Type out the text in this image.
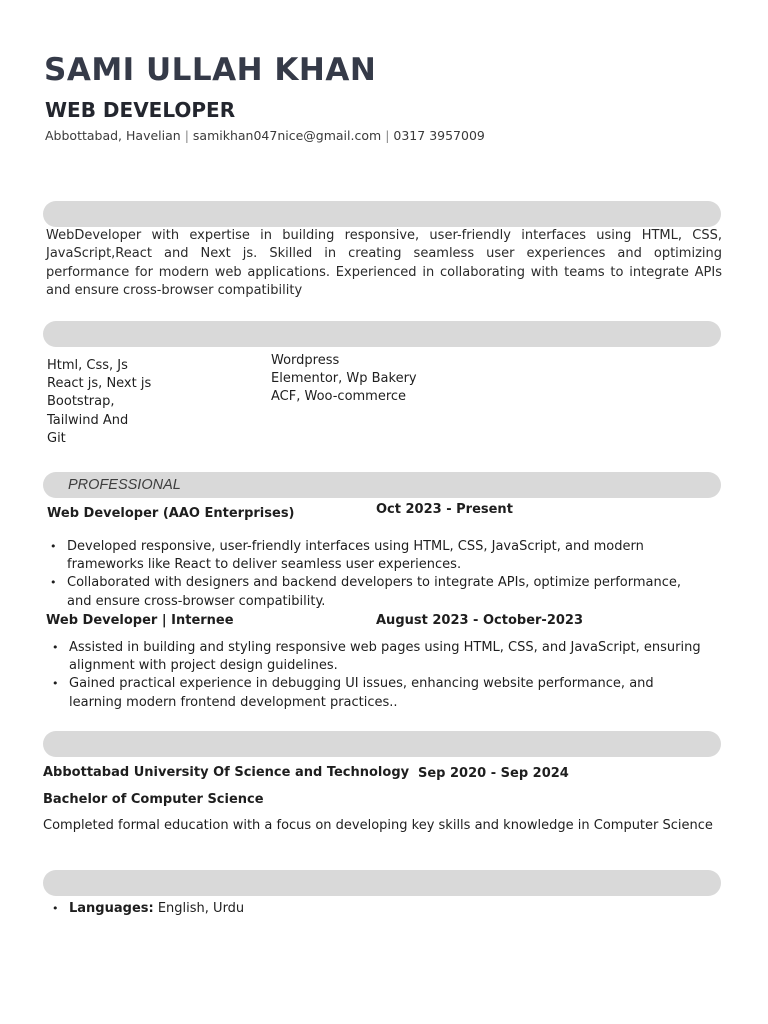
SAMI ULLAH KHAN
WEB DEVELOPER
Abbottabad, Havelian | samikhan047nice@gmail.com | 0317 3957009
WebDeveloper with expertise in building responsive, user-friendly interfaces using HTML, CSS, JavaScript,React and Next js. Skilled in creating seamless user experiences and optimizing performance for modern web applications. Experienced in collaborating with teams to integrate APIs and ensure cross-browser compatibility
Html, Css, Js
React js, Next js
Bootstrap,
Tailwind And
Git
Wordpress
Elementor, Wp Bakery
ACF, Woo-commerce
PROFESSIONAL
Web Developer (AAO Enterprises)	Oct 2023 - Present
• Developed responsive, user-friendly interfaces using HTML, CSS, JavaScript, and modern frameworks like React to deliver seamless user experiences.
• Collaborated with designers and backend developers to integrate APIs, optimize performance, and ensure cross-browser compatibility.
Web Developer | Internee	August 2023 - October-2023
• Assisted in building and styling responsive web pages using HTML, CSS, and JavaScript, ensuring alignment with project design guidelines.
• Gained practical experience in debugging UI issues, enhancing website performance, and learning modern frontend development practices..
Abbottabad University Of Science and Technology Sep 2020 - Sep 2024
Bachelor of Computer Science
Completed formal education with a focus on developing key skills and knowledge in Computer Science
• Languages: English, Urdu
